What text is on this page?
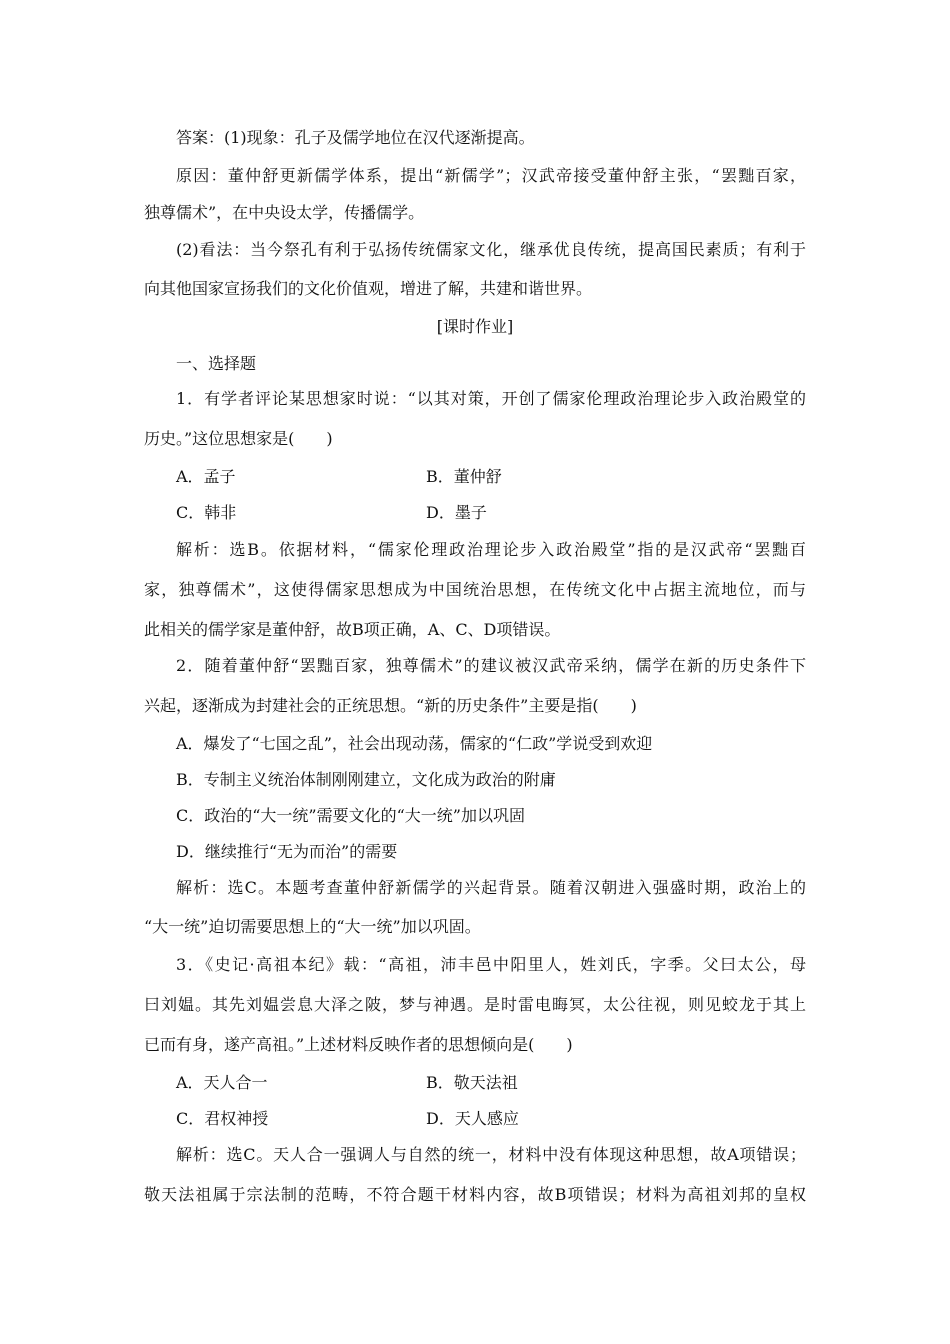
答案：(1)现象：孔子及儒学地位在汉代逐渐提高。
原因：董仲舒更新儒学体系，提出“新儒学”；汉武帝接受董仲舒主张，“罢黜百家，
独尊儒术”，在中央设太学，传播儒学。
(2)看法：当今祭孔有利于弘扬传统儒家文化，继承优良传统，提高国民素质；有利于
向其他国家宣扬我们的文化价值观，增进了解，共建和谐世界。
[课时作业]
一、选择题
1．有学者评论某思想家时说：“以其对策，开创了儒家伦理政治理论步入政治殿堂的
历史。”这位思想家是(　　)
A．孟子	B．董仲舒
C．韩非	D．墨子
解析：选B。依据材料，“儒家伦理政治理论步入政治殿堂”指的是汉武帝“罢黜百
家，独尊儒术”，这使得儒家思想成为中国统治思想，在传统文化中占据主流地位，而与
此相关的儒学家是董仲舒，故B项正确，A、C、D项错误。
2．随着董仲舒“罢黜百家，独尊儒术”的建议被汉武帝采纳，儒学在新的历史条件下
兴起，逐渐成为封建社会的正统思想。“新的历史条件”主要是指(　　)
A．爆发了“七国之乱”，社会出现动荡，儒家的“仁政”学说受到欢迎
B．专制主义统治体制刚刚建立，文化成为政治的附庸
C．政治的“大一统”需要文化的“大一统”加以巩固
D．继续推行“无为而治”的需要
解析：选C。本题考查董仲舒新儒学的兴起背景。随着汉朝进入强盛时期，政治上的
“大一统”迫切需要思想上的“大一统”加以巩固。
3．《史记·高祖本纪》载：“高祖，沛丰邑中阳里人，姓刘氏，字季。父曰太公，母
曰刘媪。其先刘媪尝息大泽之陂，梦与神遇。是时雷电晦冥，太公往视，则见蛟龙于其上
已而有身，遂产高祖。”上述材料反映作者的思想倾向是(　　)
A．天人合一	B．敬天法祖
C．君权神授	D．天人感应
解析：选C。天人合一强调人与自然的统一，材料中没有体现这种思想，故A项错误；
敬天法祖属于宗法制的范畴，不符合题干材料内容，故B项错误；材料为高祖刘邦的皇权
